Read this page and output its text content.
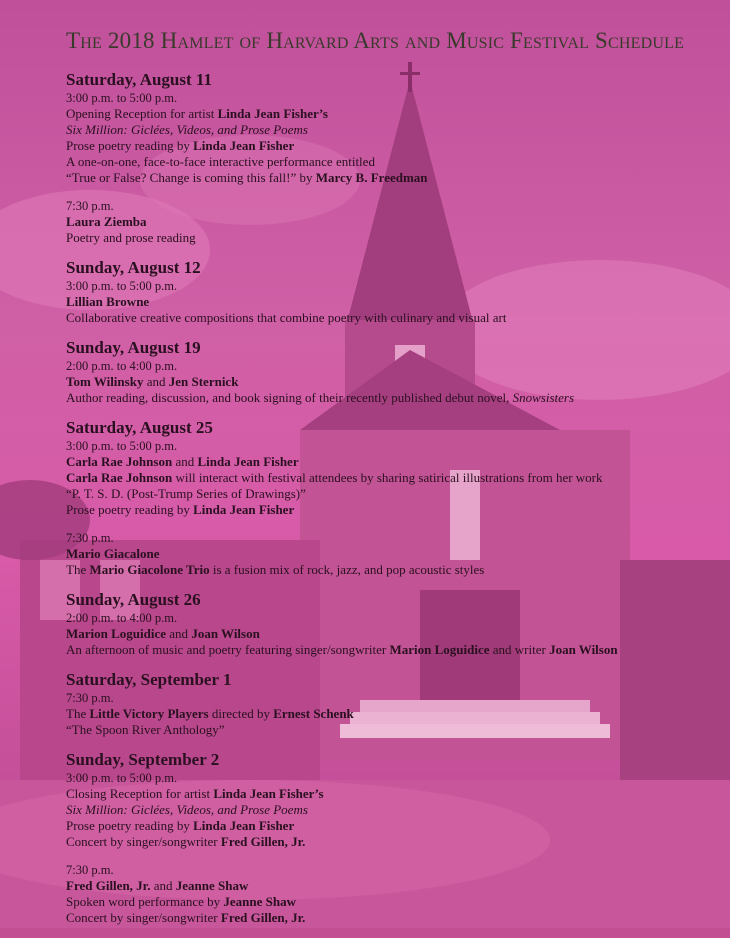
The 2018 Hamlet of Harvard Arts and Music Festival Schedule
Saturday, August 11
3:00 p.m. to 5:00 p.m.
Opening Reception for artist Linda Jean Fisher’s
Six Million: Giclées, Videos, and Prose Poems
Prose poetry reading by Linda Jean Fisher
A one-on-one, face-to-face interactive performance entitled
“True or False? Change is coming this fall!” by Marcy B. Freedman
7:30 p.m.
Laura Ziemba
Poetry and prose reading
Sunday, August 12
3:00 p.m. to 5:00 p.m.
Lillian Browne
Collaborative creative compositions that combine poetry with culinary and visual art
Sunday, August 19
2:00 p.m. to 4:00 p.m.
Tom Wilinsky and Jen Sternick
Author reading, discussion, and book signing of their recently published debut novel, Snowsisters
Saturday, August 25
3:00 p.m. to 5:00 p.m.
Carla Rae Johnson and Linda Jean Fisher
Carla Rae Johnson will interact with festival attendees by sharing satirical illustrations from her work
“P. T. S. D. (Post-Trump Series of Drawings)”
Prose poetry reading by Linda Jean Fisher
7:30 p.m.
Mario Giacalone
The Mario Giacolone Trio is a fusion mix of rock, jazz, and pop acoustic styles
Sunday, August 26
2:00 p.m. to 4:00 p.m.
Marion Loguidice and Joan Wilson
An afternoon of music and poetry featuring singer/songwriter Marion Loguidice and writer Joan Wilson
Saturday, September 1
7:30 p.m.
The Little Victory Players directed by Ernest Schenk
“The Spoon River Anthology”
Sunday, September 2
3:00 p.m. to 5:00 p.m.
Closing Reception for artist Linda Jean Fisher’s
Six Million: Giclées, Videos, and Prose Poems
Prose poetry reading by Linda Jean Fisher
Concert by singer/songwriter Fred Gillen, Jr.
7:30 p.m.
Fred Gillen, Jr. and Jeanne Shaw
Spoken word performance by Jeanne Shaw
Concert by singer/songwriter Fred Gillen, Jr.
